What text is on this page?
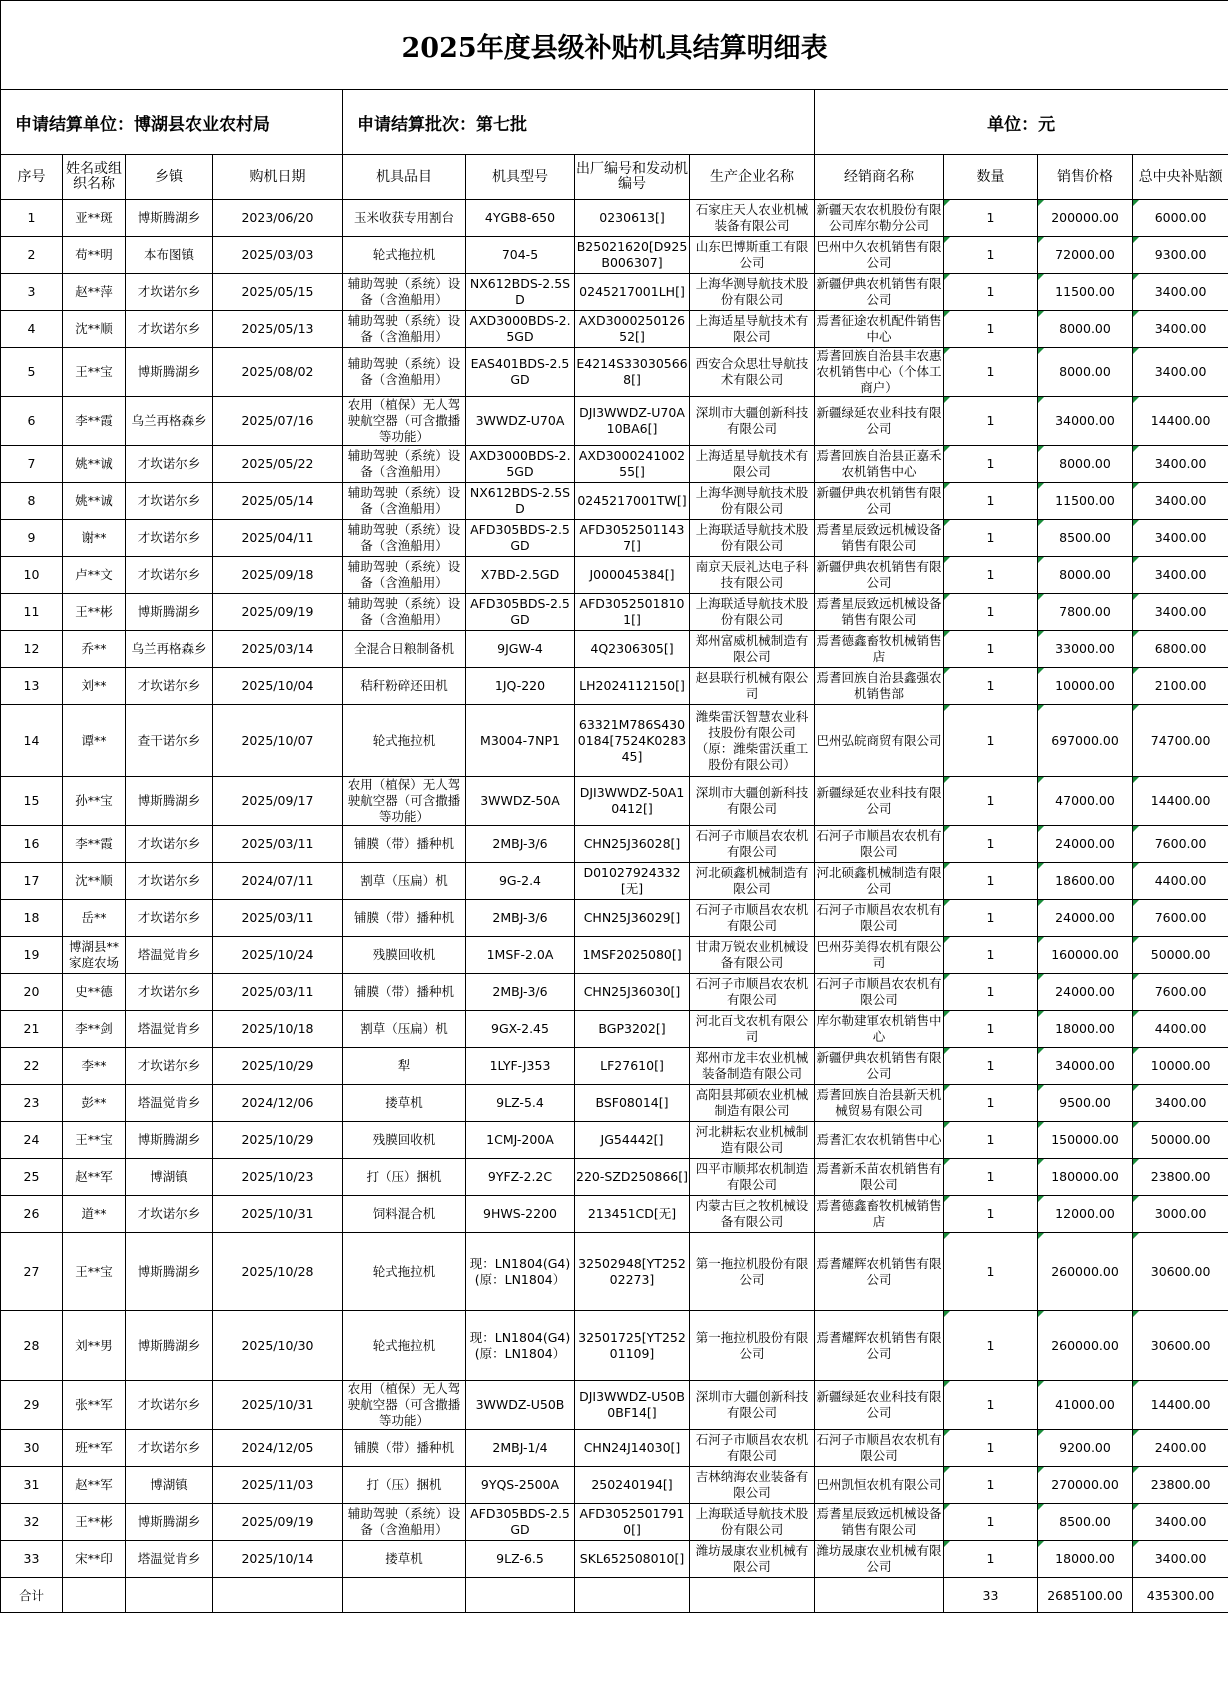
2025年度县级补贴机具结算明细表											
申请结算单位：博湖县农业农村局				申请结算批次：第七批				单位：元			
序号	姓名或组织名称	乡镇	购机日期	机具品目	机具型号	出厂编号和发动机编号	生产企业名称	经销商名称	数量	销售价格	总中央补贴额
1	亚**斑	博斯腾湖乡	2023/06/20	玉米收获专用割台	4YGB8-650	0230613[]	石家庄天人农业机械装备有限公司	新疆天农农机股份有限公司库尔勒分公司	1	200000.00	6000.00
2	苟**明	本布图镇	2025/03/03	轮式拖拉机	704-5	B25021620[D925B006307]	山东巴博斯重工有限公司	巴州中久农机销售有限公司	1	72000.00	9300.00
3	赵**萍	才坎诺尔乡	2025/05/15	辅助驾驶（系统）设备（含渔船用）	NX612BDS-2.5SD	0245217001LH[]	上海华测导航技术股份有限公司	新疆伊典农机销售有限公司	1	11500.00	3400.00
4	沈**顺	才坎诺尔乡	2025/05/13	辅助驾驶（系统）设备（含渔船用）	AXD3000BDS-2.5GD	AXD300025012652[]	上海适星导航技术有限公司	焉耆征途农机配件销售中心	1	8000.00	3400.00
5	王**宝	博斯腾湖乡	2025/08/02	辅助驾驶（系统）设备（含渔船用）	EAS401BDS-2.5GD	E4214S330305668[]	西安合众思壮导航技术有限公司	焉耆回族自治县丰农惠农机销售中心（个体工商户）	1	8000.00	3400.00
6	李**霞	乌兰再格森乡	2025/07/16	农用（植保）无人驾驶航空器（可含撒播等功能）	3WWDZ-U70A	DJI3WWDZ-U70A10BA6[]	深圳市大疆创新科技有限公司	新疆绿延农业科技有限公司	1	34000.00	14400.00
7	姚**诚	才坎诺尔乡	2025/05/22	辅助驾驶（系统）设备（含渔船用）	AXD3000BDS-2.5GD	AXD300024100255[]	上海适星导航技术有限公司	焉耆回族自治县正嘉禾农机销售中心	1	8000.00	3400.00
8	姚**诚	才坎诺尔乡	2025/05/14	辅助驾驶（系统）设备（含渔船用）	NX612BDS-2.5SD	0245217001TW[]	上海华测导航技术股份有限公司	新疆伊典农机销售有限公司	1	11500.00	3400.00
9	谢**	才坎诺尔乡	2025/04/11	辅助驾驶（系统）设备（含渔船用）	AFD305BDS-2.5GD	AFD30525011437[]	上海联适导航技术股份有限公司	焉耆星辰致远机械设备销售有限公司	1	8500.00	3400.00
10	卢**文	才坎诺尔乡	2025/09/18	辅助驾驶（系统）设备（含渔船用）	X7BD-2.5GD	J000045384[]	南京天辰礼达电子科技有限公司	新疆伊典农机销售有限公司	1	8000.00	3400.00
11	王**彬	博斯腾湖乡	2025/09/19	辅助驾驶（系统）设备（含渔船用）	AFD305BDS-2.5GD	AFD30525018101[]	上海联适导航技术股份有限公司	焉耆星辰致远机械设备销售有限公司	1	7800.00	3400.00
12	乔**	乌兰再格森乡	2025/03/14	全混合日粮制备机	9JGW-4	4Q2306305[]	郑州富威机械制造有限公司	焉耆德鑫畜牧机械销售店	1	33000.00	6800.00
13	刘**	才坎诺尔乡	2025/10/04	秸秆粉碎还田机	1JQ-220	LH2024112150[]	赵县联行机械有限公司	焉耆回族自治县鑫强农机销售部	1	10000.00	2100.00
14	谭**	查干诺尔乡	2025/10/07	轮式拖拉机	M3004-7NP1	63321M786S4300184[7524K028345]	潍柴雷沃智慧农业科技股份有限公司（原：潍柴雷沃重工股份有限公司）	巴州弘皖商贸有限公司	1	697000.00	74700.00
15	孙**宝	博斯腾湖乡	2025/09/17	农用（植保）无人驾驶航空器（可含撒播等功能）	3WWDZ-50A	DJI3WWDZ-50A10412[]	深圳市大疆创新科技有限公司	新疆绿延农业科技有限公司	1	47000.00	14400.00
16	李**霞	才坎诺尔乡	2025/03/11	铺膜（带）播种机	2MBJ-3/6	CHN25J36028[]	石河子市顺昌农农机有限公司	石河子市顺昌农农机有限公司	1	24000.00	7600.00
17	沈**顺	才坎诺尔乡	2024/07/11	割草（压扁）机	9G-2.4	D01027924332[无]	河北硕鑫机械制造有限公司	河北硕鑫机械制造有限公司	1	18600.00	4400.00
18	岳**	才坎诺尔乡	2025/03/11	铺膜（带）播种机	2MBJ-3/6	CHN25J36029[]	石河子市顺昌农农机有限公司	石河子市顺昌农农机有限公司	1	24000.00	7600.00
19	博湖县**家庭农场	塔温觉肯乡	2025/10/24	残膜回收机	1MSF-2.0A	1MSF2025080[]	甘肃万锐农业机械设备有限公司	巴州芬美得农机有限公司	1	160000.00	50000.00
20	史**德	才坎诺尔乡	2025/03/11	铺膜（带）播种机	2MBJ-3/6	CHN25J36030[]	石河子市顺昌农农机有限公司	石河子市顺昌农农机有限公司	1	24000.00	7600.00
21	李**剑	塔温觉肯乡	2025/10/18	割草（压扁）机	9GX-2.45	BGP3202[]	河北百戈农机有限公司	库尔勒建軍农机销售中心	1	18000.00	4400.00
22	李**	才坎诺尔乡	2025/10/29	犁	1LYF-J353	LF27610[]	郑州市龙丰农业机械装备制造有限公司	新疆伊典农机销售有限公司	1	34000.00	10000.00
23	彭**	塔温觉肯乡	2024/12/06	搂草机	9LZ-5.4	BSF08014[]	高阳县邦硕农业机械制造有限公司	焉耆回族自治县新天机械贸易有限公司	1	9500.00	3400.00
24	王**宝	博斯腾湖乡	2025/10/29	残膜回收机	1CMJ-200A	JG54442[]	河北耕耘农业机械制造有限公司	焉耆汇农农机销售中心	1	150000.00	50000.00
25	赵**军	博湖镇	2025/10/23	打（压）捆机	9YFZ-2.2C	220-SZD250866[]	四平市顺邦农机制造有限公司	焉耆新禾苗农机销售有限公司	1	180000.00	23800.00
26	道**	才坎诺尔乡	2025/10/31	饲料混合机	9HWS-2200	213451CD[无]	内蒙古巨之牧机械设备有限公司	焉耆德鑫畜牧机械销售店	1	12000.00	3000.00
27	王**宝	博斯腾湖乡	2025/10/28	轮式拖拉机	现：LN1804(G4)(原：LN1804）	32502948[YT25202273]	第一拖拉机股份有限公司	焉耆耀辉农机销售有限公司	1	260000.00	30600.00
28	刘**男	博斯腾湖乡	2025/10/30	轮式拖拉机	现：LN1804(G4)(原：LN1804）	32501725[YT25201109]	第一拖拉机股份有限公司	焉耆耀辉农机销售有限公司	1	260000.00	30600.00
29	张**军	才坎诺尔乡	2025/10/31	农用（植保）无人驾驶航空器（可含撒播等功能）	3WWDZ-U50B	DJI3WWDZ-U50B0BF14[]	深圳市大疆创新科技有限公司	新疆绿延农业科技有限公司	1	41000.00	14400.00
30	班**军	才坎诺尔乡	2024/12/05	铺膜（带）播种机	2MBJ-1/4	CHN24J14030[]	石河子市顺昌农农机有限公司	石河子市顺昌农农机有限公司	1	9200.00	2400.00
31	赵**军	博湖镇	2025/11/03	打（压）捆机	9YQS-2500A	250240194[]	吉林纳海农业装备有限公司	巴州凯恒农机有限公司	1	270000.00	23800.00
32	王**彬	博斯腾湖乡	2025/09/19	辅助驾驶（系统）设备（含渔船用）	AFD305BDS-2.5GD	AFD30525017910[]	上海联适导航技术股份有限公司	焉耆星辰致远机械设备销售有限公司	1	8500.00	3400.00
33	宋**印	塔温觉肯乡	2025/10/14	搂草机	9LZ-6.5	SKL652508010[]	潍坊晟康农业机械有限公司	潍坊晟康农业机械有限公司	1	18000.00	3400.00
合计									33	2685100.00	435300.00
